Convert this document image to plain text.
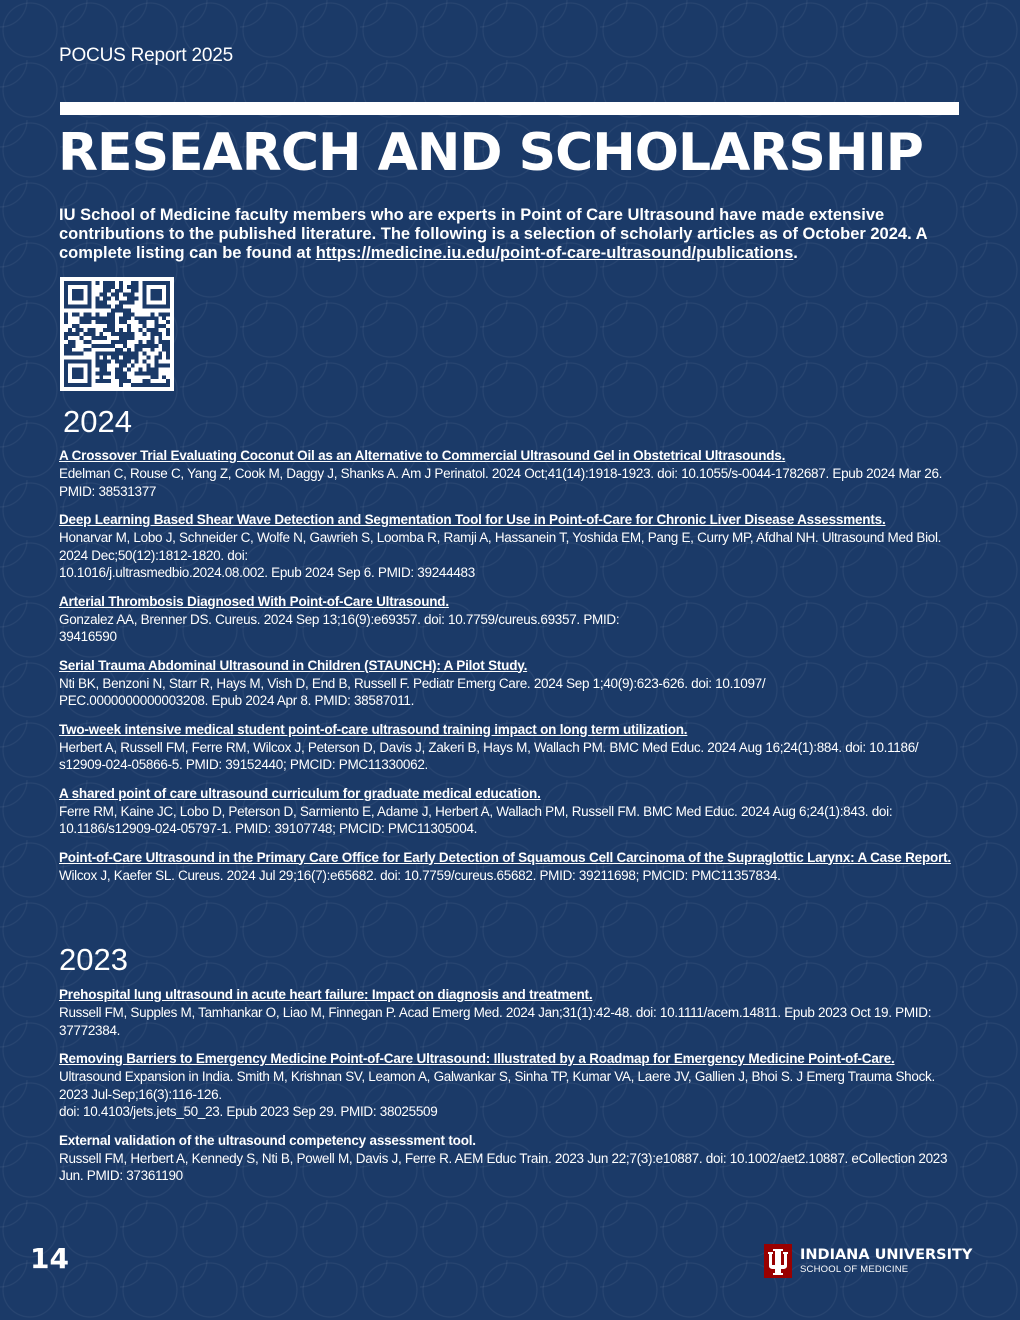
POCUS Report 2025
RESEARCH AND SCHOLARSHIP
IU School of Medicine faculty members who are experts in Point of Care Ultrasound have made extensive contributions to the published literature. The following is a selection of scholarly articles as of October 2024. A complete listing can be found at https://medicine.iu.edu/point-of-care-ultrasound/publications.
2024
A Crossover Trial Evaluating Coconut Oil as an Alternative to Commercial Ultrasound Gel in Obstetrical Ultrasounds.
Edelman C, Rouse C, Yang Z, Cook M, Daggy J, Shanks A. Am J Perinatol. 2024 Oct;41(14):1918-1923. doi: 10.1055/s-0044-1782687. Epub 2024 Mar 26. PMID: 38531377
Deep Learning Based Shear Wave Detection and Segmentation Tool for Use in Point-of-Care for Chronic Liver Disease Assessments.
Honarvar M, Lobo J, Schneider C, Wolfe N, Gawrieh S, Loomba R, Ramji A, Hassanein T, Yoshida EM, Pang E, Curry MP, Afdhal NH. Ultrasound Med Biol. 2024 Dec;50(12):1812-1820. doi:
10.1016/j.ultrasmedbio.2024.08.002. Epub 2024 Sep 6. PMID: 39244483
Arterial Thrombosis Diagnosed With Point-of-Care Ultrasound.
Gonzalez AA, Brenner DS. Cureus. 2024 Sep 13;16(9):e69357. doi: 10.7759/cureus.69357. PMID:
39416590
Serial Trauma Abdominal Ultrasound in Children (STAUNCH): A Pilot Study.
Nti BK, Benzoni N, Starr R, Hays M, Vish D, End B, Russell F. Pediatr Emerg Care. 2024 Sep 1;40(9):623-626. doi: 10.1097/
PEC.0000000000003208. Epub 2024 Apr 8. PMID: 38587011.
Two-week intensive medical student point-of-care ultrasound training impact on long term utilization.
Herbert A, Russell FM, Ferre RM, Wilcox J, Peterson D, Davis J, Zakeri B, Hays M, Wallach PM. BMC Med Educ. 2024 Aug 16;24(1):884. doi: 10.1186/ s12909-024-05866-5. PMID: 39152440; PMCID: PMC11330062.
A shared point of care ultrasound curriculum for graduate medical education.
Ferre RM, Kaine JC, Lobo D, Peterson D, Sarmiento E, Adame J, Herbert A, Wallach PM, Russell FM. BMC Med Educ. 2024 Aug 6;24(1):843. doi: 10.1186/s12909-024-05797-1. PMID: 39107748; PMCID: PMC11305004.
Point-of-Care Ultrasound in the Primary Care Office for Early Detection of Squamous Cell Carcinoma of the Supraglottic Larynx: A Case Report.
Wilcox J, Kaefer SL. Cureus. 2024 Jul 29;16(7):e65682. doi: 10.7759/cureus.65682. PMID: 39211698; PMCID: PMC11357834.
2023
Prehospital lung ultrasound in acute heart failure: Impact on diagnosis and treatment.
Russell FM, Supples M, Tamhankar O, Liao M, Finnegan P. Acad Emerg Med. 2024 Jan;31(1):42-48. doi: 10.1111/acem.14811. Epub 2023 Oct 19. PMID: 37772384.
Removing Barriers to Emergency Medicine Point-of-Care Ultrasound: Illustrated by a Roadmap for Emergency Medicine Point-of-Care.
Ultrasound Expansion in India. Smith M, Krishnan SV, Leamon A, Galwankar S, Sinha TP, Kumar VA, Laere JV, Gallien J, Bhoi S. J Emerg Trauma Shock. 2023 Jul-Sep;16(3):116-126.
doi: 10.4103/jets.jets_50_23. Epub 2023 Sep 29. PMID: 38025509
External validation of the ultrasound competency assessment tool.
Russell FM, Herbert A, Kennedy S, Nti B, Powell M, Davis J, Ferre R. AEM Educ Train. 2023 Jun 22;7(3):e10887. doi: 10.1002/aet2.10887. eCollection 2023 Jun. PMID: 37361190
14	INDIANA UNIVERSITY
SCHOOL OF MEDICINE
